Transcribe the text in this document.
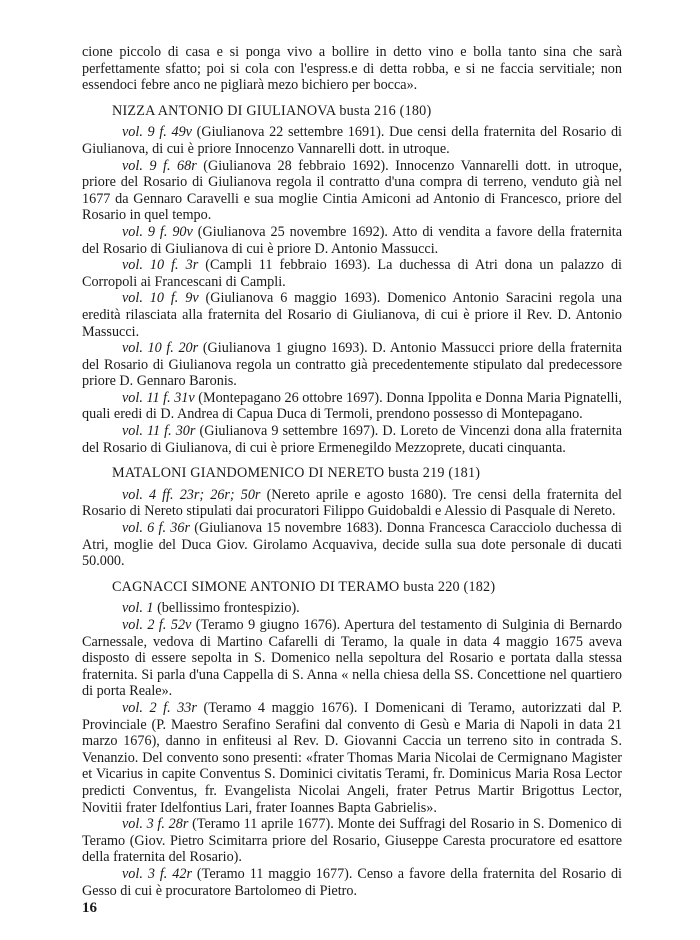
cione piccolo di casa e si ponga vivo a bollire in detto vino e bolla tanto sina che sarà perfettamente sfatto; poi si cola con l'espress.e di detta robba, e si ne faccia servitiale; non essendoci febre anco ne pigliarà mezo bichiero per bocca».

NIZZA ANTONIO DI GIULIANOVA busta 216 (180)

vol. 9 f. 49v (Giulianova 22 settembre 1691). Due censi della fraternita del Rosario di Giulianova, di cui è priore Innocenzo Vannarelli dott. in utroque.

vol. 9 f. 68r (Giulianova 28 febbraio 1692). Innocenzo Vannarelli dott. in utroque, priore del Rosario di Giulianova regola il contratto d'una compra di terreno, venduto già nel 1677 da Gennaro Caravelli e sua moglie Cintia Amiconi ad Antonio di Francesco, priore del Rosario in quel tempo.

vol. 9 f. 90v (Giulianova 25 novembre 1692). Atto di vendita a favore della fraternita del Rosario di Giulianova di cui è priore D. Antonio Massucci.

vol. 10 f. 3r (Campli 11 febbraio 1693). La duchessa di Atri dona un palazzo di Corropoli ai Francescani di Campli.

vol. 10 f. 9v (Giulianova 6 maggio 1693). Domenico Antonio Saracini regola una eredità rilasciata alla fraternita del Rosario di Giulianova, di cui è priore il Rev. D. Antonio Massucci.

vol. 10 f. 20r (Giulianova 1 giugno 1693). D. Antonio Massucci priore della fraternita del Rosario di Giulianova regola un contratto già precedentemente stipulato dal predecessore priore D. Gennaro Baronis.

vol. 11 f. 31v (Montepagano 26 ottobre 1697). Donna Ippolita e Donna Maria Pignatelli, quali eredi di D. Andrea di Capua Duca di Termoli, prendono possesso di Montepagano.

vol. 11 f. 30r (Giulianova 9 settembre 1697). D. Loreto de Vincenzi dona alla fraternita del Rosario di Giulianova, di cui è priore Ermenegildo Mezzoprete, ducati cinquanta.

MATALONI GIANDOMENICO DI NERETO busta 219 (181)

vol. 4 ff. 23r; 26r; 50r (Nereto aprile e agosto 1680). Tre censi della fraternita del Rosario di Nereto stipulati dai procuratori Filippo Guidobaldi e Alessio di Pasquale di Nereto.

vol. 6 f. 36r (Giulianova 15 novembre 1683). Donna Francesca Caracciolo duchessa di Atri, moglie del Duca Giov. Girolamo Acquaviva, decide sulla sua dote personale di ducati 50.000.

CAGNACCI SIMONE ANTONIO DI TERAMO busta 220 (182)

vol. 1 (bellissimo frontespizio).

vol. 2 f. 52v (Teramo 9 giugno 1676). Apertura del testamento di Sulginia di Bernardo Carnessale, vedova di Martino Cafarelli di Teramo, la quale in data 4 maggio 1675 aveva disposto di essere sepolta in S. Domenico nella sepoltura del Rosario e portata dalla stessa fraternita. Si parla d'una Cappella di S. Anna « nella chiesa della SS. Concettione nel quartiero di porta Reale».

vol. 2 f. 33r (Teramo 4 maggio 1676). I Domenicani di Teramo, autorizzati dal P. Provinciale (P. Maestro Serafino Serafini dal convento di Gesù e Maria di Napoli in data 21 marzo 1676), danno in enfiteusi al Rev. D. Giovanni Caccia un terreno sito in contrada S. Venanzio. Del convento sono presenti: «frater Thomas Maria Nicolai de Cermignano Magister et Vicarius in capite Conventus S. Dominici civitatis Terami, fr. Dominicus Maria Rosa Lector predicti Conventus, fr. Evangelista Nicolai Angeli, frater Petrus Martir Brigottus Lector, Novitii frater Idelfontius Lari, frater Ioannes Bapta Gabrielis».

vol. 3 f. 28r (Teramo 11 aprile 1677). Monte dei Suffragi del Rosario in S. Domenico di Teramo (Giov. Pietro Scimitarra priore del Rosario, Giuseppe Caresta procuratore ed esattore della fraternita del Rosario).

vol. 3 f. 42r (Teramo 11 maggio 1677). Censo a favore della fraternita del Rosario di Gesso di cui è procuratore Bartolomeo di Pietro.

16
